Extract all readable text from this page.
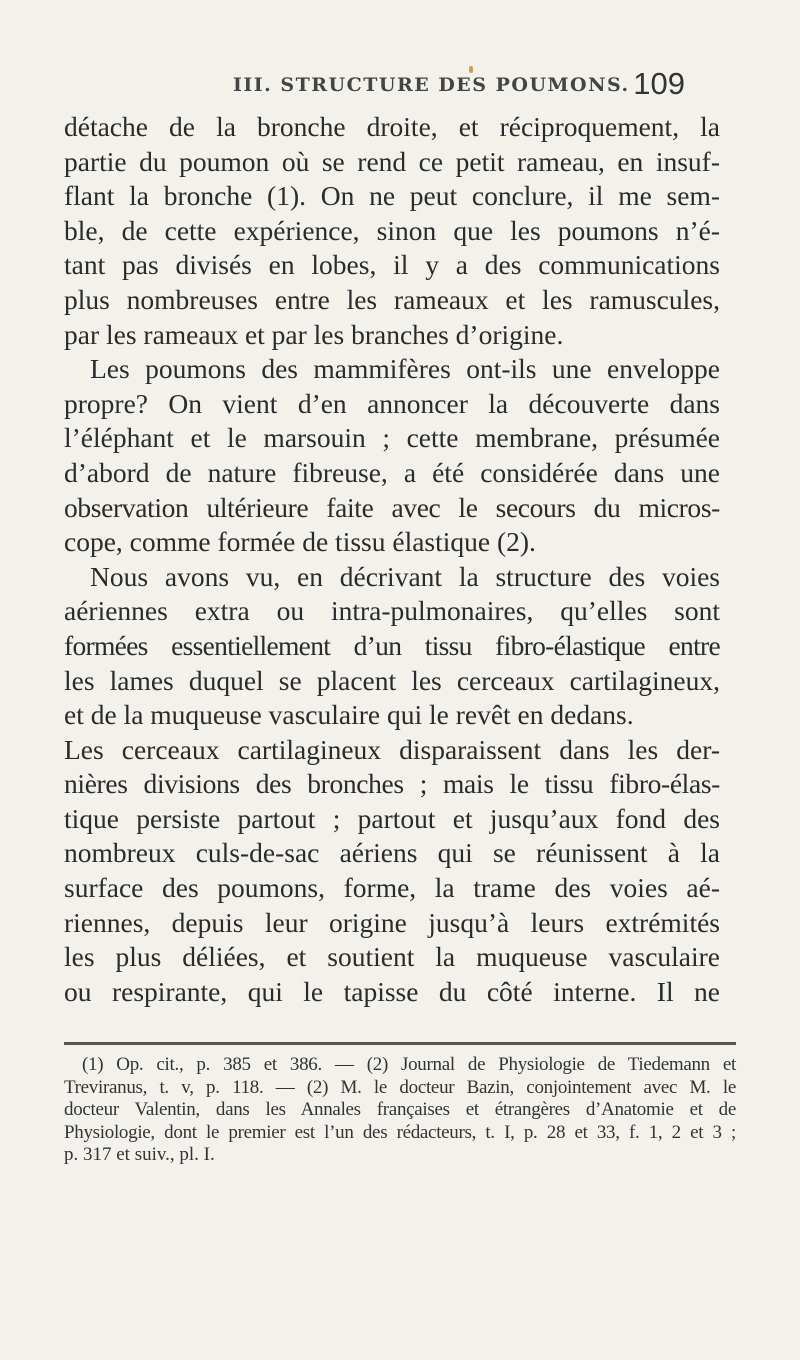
III. STRUCTURE DES POUMONS. 109
détache de la bronche droite, et réciproquement, la
partie du poumon où se rend ce petit rameau, en insuf-
flant la bronche (1). On ne peut conclure, il me sem-
ble, de cette expérience, sinon que les poumons n’é-
tant pas divisés en lobes, il y a des communications
plus nombreuses entre les rameaux et les ramuscules,
par les rameaux et par les branches d’origine.
Les poumons des mammifères ont-ils une enveloppe
propre? On vient d’en annoncer la découverte dans
l’éléphant et le marsouin ; cette membrane, présumée
d’abord de nature fibreuse, a été considérée dans une
observation ultérieure faite avec le secours du micros-
cope, comme formée de tissu élastique (2).
Nous avons vu, en décrivant la structure des voies
aériennes extra ou intra-pulmonaires, qu’elles sont
formées essentiellement d’un tissu fibro-élastique entre
les lames duquel se placent les cerceaux cartilagineux,
et de la muqueuse vasculaire qui le revêt en dedans.
Les cerceaux cartilagineux disparaissent dans les der-
nières divisions des bronches ; mais le tissu fibro-élas-
tique persiste partout ; partout et jusqu’aux fond des
nombreux culs-de-sac aériens qui se réunissent à la
surface des poumons, forme, la trame des voies aé-
riennes, depuis leur origine jusqu’à leurs extrémités
les plus déliées, et soutient la muqueuse vasculaire
ou respirante, qui le tapisse du côté interne. Il ne
(1) Op. cit., p. 385 et 386. — (2) Journal de Physiologie de Tiedemann et
Treviranus, t. v, p. 118. — (2) M. le docteur Bazin, conjointement avec M. le
docteur Valentin, dans les Annales françaises et étrangères d’Anatomie et de
Physiologie, dont le premier est l’un des rédacteurs, t. I, p. 28 et 33, f. 1, 2 et 3 ;
p. 317 et suiv., pl. I.
